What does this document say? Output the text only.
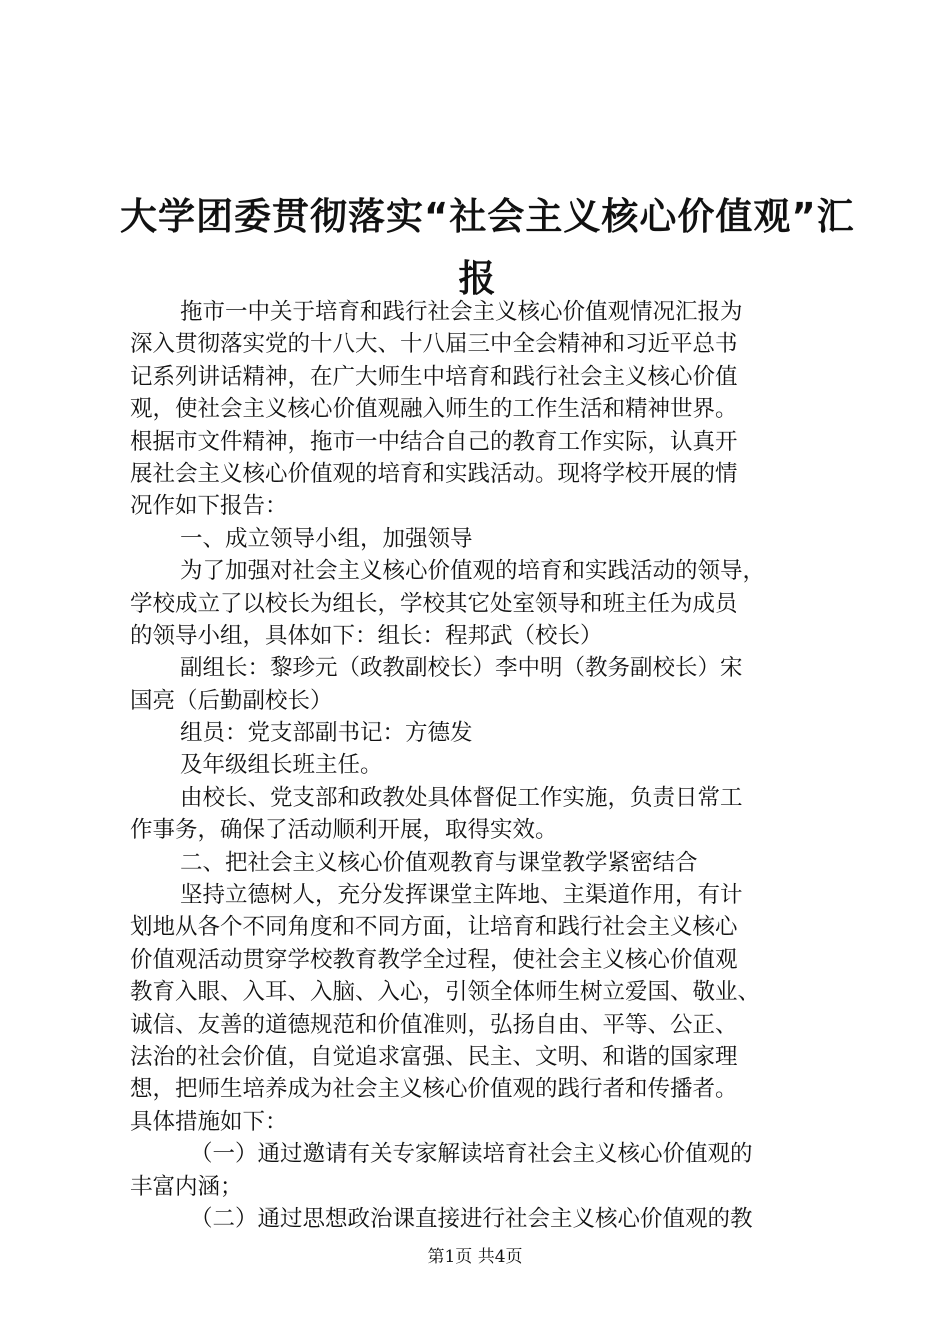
大学团委贯彻落实“社会主义核心价值观”汇
报
拖市一中关于培育和践行社会主义核心价值观情况汇报为
深入贯彻落实党的十八大、十八届三中全会精神和习近平总书
记系列讲话精神，在广大师生中培育和践行社会主义核心价值
观，使社会主义核心价值观融入师生的工作生活和精神世界。
根据市文件精神，拖市一中结合自己的教育工作实际，认真开
展社会主义核心价值观的培育和实践活动。现将学校开展的情
况作如下报告：
一、成立领导小组，加强领导
为了加强对社会主义核心价值观的培育和实践活动的领导，
学校成立了以校长为组长，学校其它处室领导和班主任为成员
的领导小组，具体如下：组长：程邦武（校长）
副组长：黎珍元（政教副校长）李中明（教务副校长）宋
国亮（后勤副校长）
组员：党支部副书记：方德发
及年级组长班主任。
由校长、党支部和政教处具体督促工作实施，负责日常工
作事务，确保了活动顺利开展，取得实效。
二、把社会主义核心价值观教育与课堂教学紧密结合
坚持立德树人，充分发挥课堂主阵地、主渠道作用，有计
划地从各个不同角度和不同方面，让培育和践行社会主义核心
价值观活动贯穿学校教育教学全过程，使社会主义核心价值观
教育入眼、入耳、入脑、入心，引领全体师生树立爱国、敬业、
诚信、友善的道德规范和价值准则，弘扬自由、平等、公正、
法治的社会价值，自觉追求富强、民主、文明、和谐的国家理
想，把师生培养成为社会主义核心价值观的践行者和传播者。
具体措施如下：
（一）通过邀请有关专家解读培育社会主义核心价值观的
丰富内涵；
（二）通过思想政治课直接进行社会主义核心价值观的教
第1页 共4页
